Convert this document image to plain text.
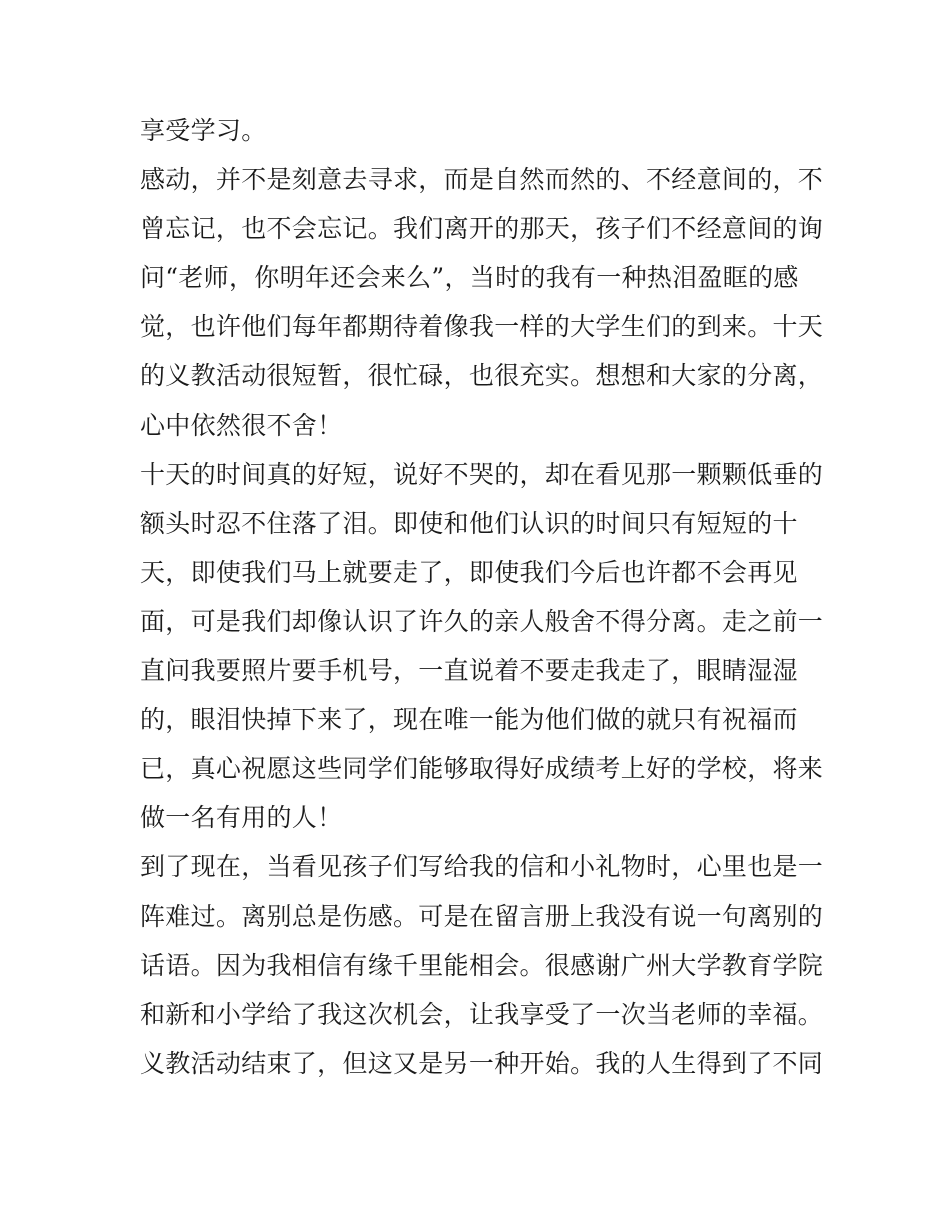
享受学习。
感动，并不是刻意去寻求，而是自然而然的、不经意间的，不
曾忘记，也不会忘记。我们离开的那天，孩子们不经意间的询
问“老师，你明年还会来么”，当时的我有一种热泪盈眶的感
觉，也许他们每年都期待着像我一样的大学生们的到来。十天
的义教活动很短暂，很忙碌，也很充实。想想和大家的分离，
心中依然很不舍！
十天的时间真的好短，说好不哭的，却在看见那一颗颗低垂的
额头时忍不住落了泪。即使和他们认识的时间只有短短的十
天，即使我们马上就要走了，即使我们今后也许都不会再见
面，可是我们却像认识了许久的亲人般舍不得分离。走之前一
直问我要照片要手机号，一直说着不要走我走了，眼睛湿湿
的，眼泪快掉下来了，现在唯一能为他们做的就只有祝福而
已，真心祝愿这些同学们能够取得好成绩考上好的学校，将来
做一名有用的人！
到了现在，当看见孩子们写给我的信和小礼物时，心里也是一
阵难过。离别总是伤感。可是在留言册上我没有说一句离别的
话语。因为我相信有缘千里能相会。很感谢广州大学教育学院
和新和小学给了我这次机会，让我享受了一次当老师的幸福。
义教活动结束了，但这又是另一种开始。我的人生得到了不同
